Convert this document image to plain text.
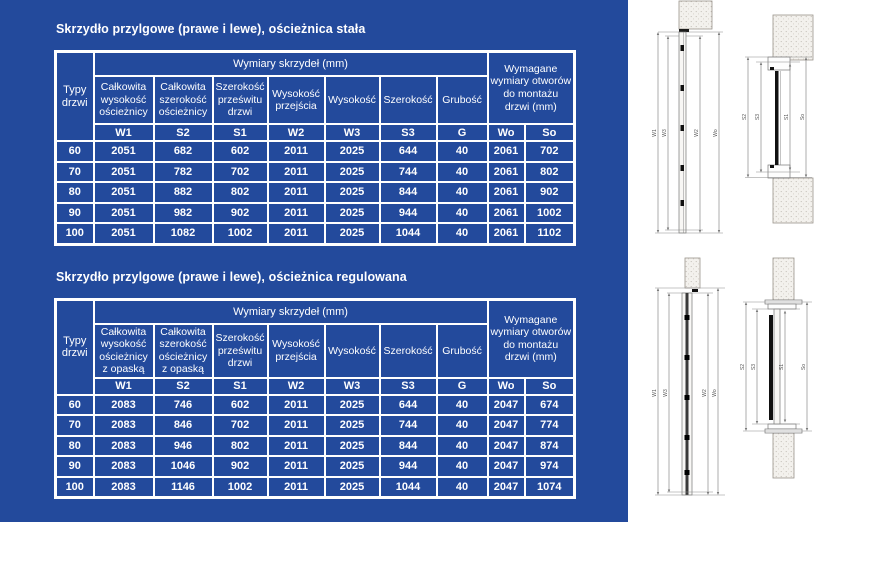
Skrzydło przylgowe (prawe i lewe), ościeżnica stała
Typy drzwi	Wymiary skrzydeł (mm)							Wymagane wymiary otworów do montażu drzwi (mm)	
	Całkowita wysokość ościeżnicy	Całkowita szerokość ościeżnicy	Szerokość prześwitu drzwi	Wysokość przejścia	Wysokość	Szerokość	Grubość		
	W1	S2	S1	W2	W3	S3	G	Wo	So
60	2051	682	602	2011	2025	644	40	2061	702
70	2051	782	702	2011	2025	744	40	2061	802
80	2051	882	802	2011	2025	844	40	2061	902
90	2051	982	902	2011	2025	944	40	2061	1002
100	2051	1082	1002	2011	2025	1044	40	2061	1102
Skrzydło przylgowe (prawe i lewe), ościeżnica regulowana
Typy drzwi	Wymiary skrzydeł (mm)							Wymagane wymiary otworów do montażu drzwi (mm)	
	Całkowita wysokość ościeżnicy z opaską	Całkowita szerokość ościeżnicy z opaską	Szerokość prześwitu drzwi	Wysokość przejścia	Wysokość	Szerokość	Grubość		
	W1	S2	S1	W2	W3	S3	G	Wo	So
60	2083	746	602	2011	2025	644	40	2047	674
70	2083	846	702	2011	2025	744	40	2047	774
80	2083	946	802	2011	2025	844	40	2047	874
90	2083	1046	902	2011	2025	944	40	2047	974
100	2083	1146	1002	2011	2025	1044	40	2047	1074
W1 W3	W2	Wo
S2 S3	S1 So
W1 W3	W2 Wo
S2 S3	S1	So
